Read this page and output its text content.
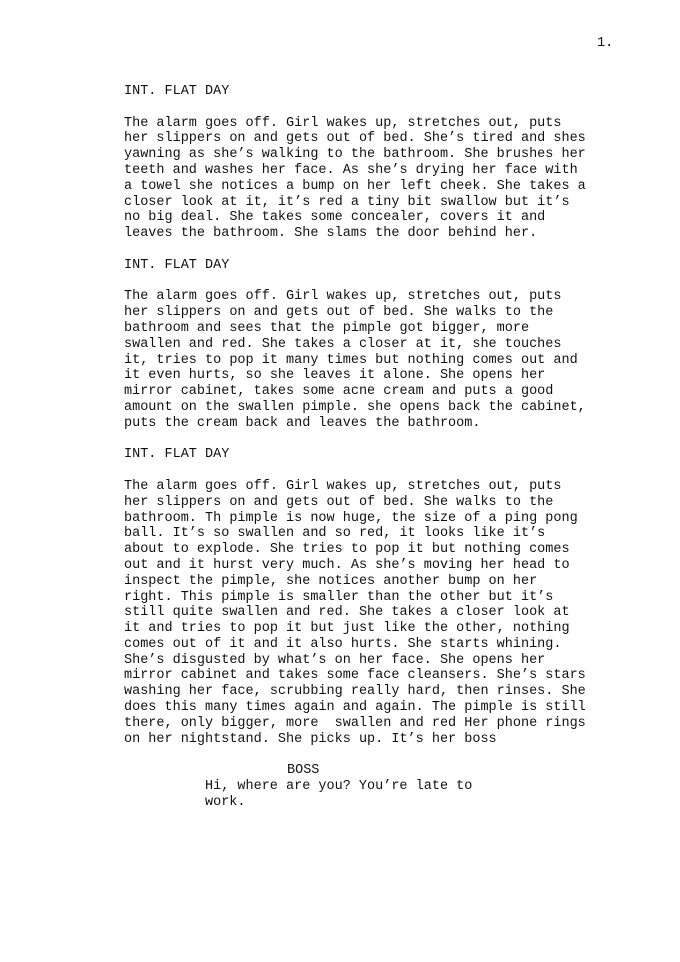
1.
INT. FLAT DAY
The alarm goes off. Girl wakes up, stretches out, puts
her slippers on and gets out of bed. She’s tired and shes
yawning as she’s walking to the bathroom. She brushes her
teeth and washes her face. As she’s drying her face with
a towel she notices a bump on her left cheek. She takes a
closer look at it, it’s red a tiny bit swallow but it’s
no big deal. She takes some concealer, covers it and
leaves the bathroom. She slams the door behind her.
INT. FLAT DAY
The alarm goes off. Girl wakes up, stretches out, puts
her slippers on and gets out of bed. She walks to the
bathroom and sees that the pimple got bigger, more
swallen and red. She takes a closer at it, she touches
it, tries to pop it many times but nothing comes out and
it even hurts, so she leaves it alone. She opens her
mirror cabinet, takes some acne cream and puts a good
amount on the swallen pimple. she opens back the cabinet,
puts the cream back and leaves the bathroom.
INT. FLAT DAY
The alarm goes off. Girl wakes up, stretches out, puts
her slippers on and gets out of bed. She walks to the
bathroom. Th pimple is now huge, the size of a ping pong
ball. It’s so swallen and so red, it looks like it’s
about to explode. She tries to pop it but nothing comes
out and it hurst very much. As she’s moving her head to
inspect the pimple, she notices another bump on her
right. This pimple is smaller than the other but it’s
still quite swallen and red. She takes a closer look at
it and tries to pop it but just like the other, nothing
comes out of it and it also hurts. She starts whining.
She’s disgusted by what’s on her face. She opens her
mirror cabinet and takes some face cleansers. She’s stars
washing her face, scrubbing really hard, then rinses. She
does this many times again and again. The pimple is still
there, only bigger, more  swallen and red Her phone rings
on her nightstand. She picks up. It’s her boss
BOSS
Hi, where are you? You’re late to
work.
